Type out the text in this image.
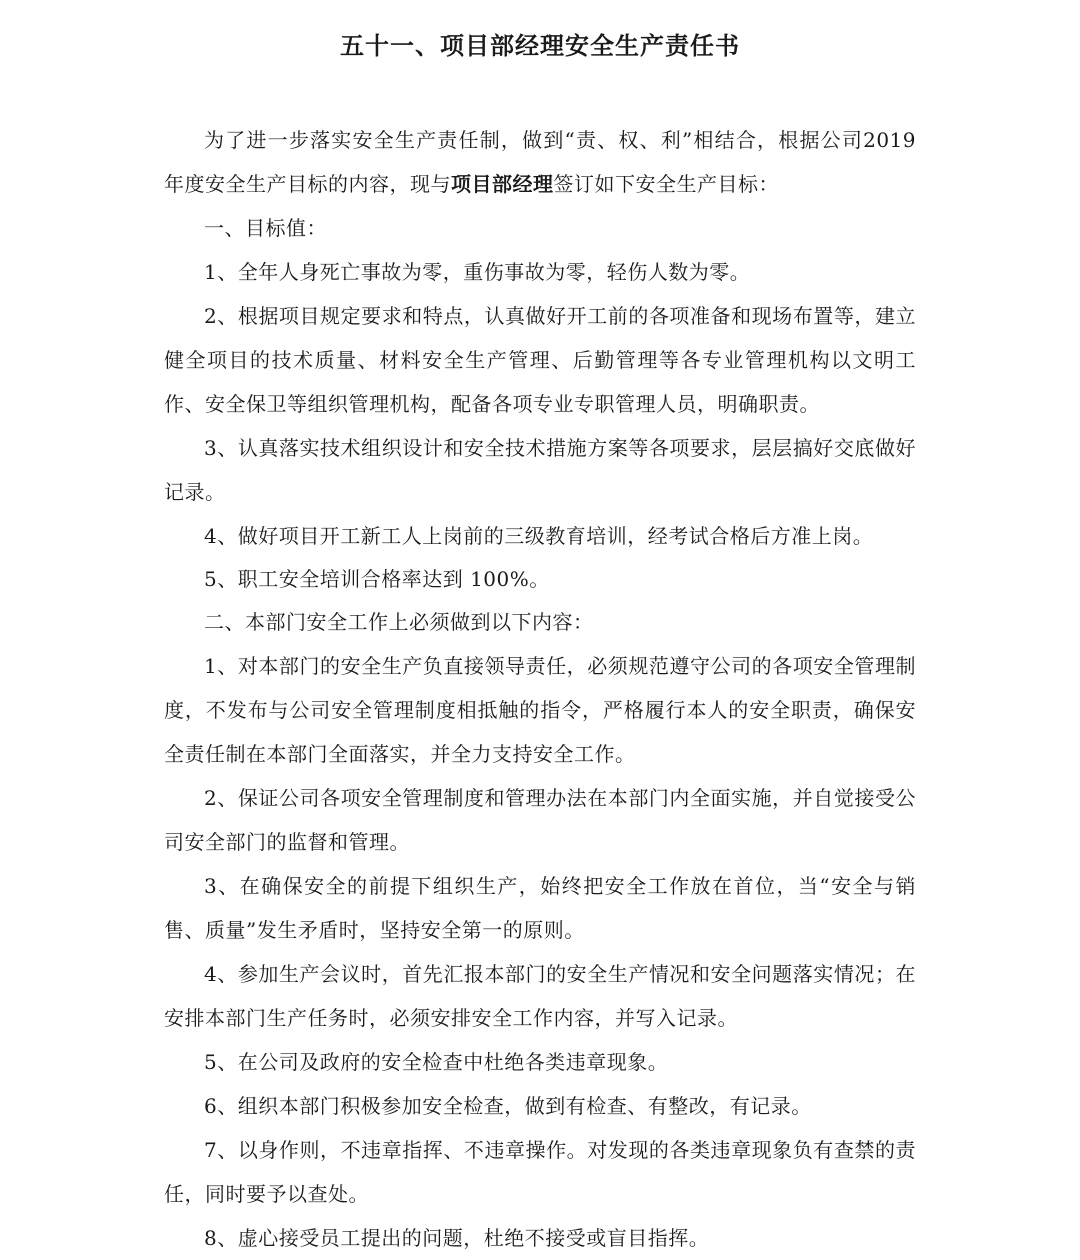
五十一、项目部经理安全生产责任书

为了进一步落实安全生产责任制，做到“责、权、利”相结合，根据公司2019 年度安全生产目标的内容，现与项目部经理签订如下安全生产目标：

一、目标值：

1、全年人身死亡事故为零，重伤事故为零，轻伤人数为零。

2、根据项目规定要求和特点，认真做好开工前的各项准备和现场布置等，建立健全项目的技术质量、材料安全生产管理、后勤管理等各专业管理机构以文明工作、安全保卫等组织管理机构，配备各项专业专职管理人员，明确职责。

3、认真落实技术组织设计和安全技术措施方案等各项要求，层层搞好交底做好记录。

4、做好项目开工新工人上岗前的三级教育培训，经考试合格后方准上岗。

5、职工安全培训合格率达到 100%。

二、本部门安全工作上必须做到以下内容：

1、对本部门的安全生产负直接领导责任，必须规范遵守公司的各项安全管理制度，不发布与公司安全管理制度相抵触的指令，严格履行本人的安全职责，确保安全责任制在本部门全面落实，并全力支持安全工作。

2、保证公司各项安全管理制度和管理办法在本部门内全面实施，并自觉接受公司安全部门的监督和管理。

3、在确保安全的前提下组织生产，始终把安全工作放在首位，当“安全与销售、质量”发生矛盾时，坚持安全第一的原则。

4、参加生产会议时，首先汇报本部门的安全生产情况和安全问题落实情况；在安排本部门生产任务时，必须安排安全工作内容，并写入记录。

5、在公司及政府的安全检查中杜绝各类违章现象。

6、组织本部门积极参加安全检查，做到有检查、有整改，有记录。

7、以身作则，不违章指挥、不违章操作。对发现的各类违章现象负有查禁的责任，同时要予以查处。

8、虚心接受员工提出的问题，杜绝不接受或盲目指挥。
